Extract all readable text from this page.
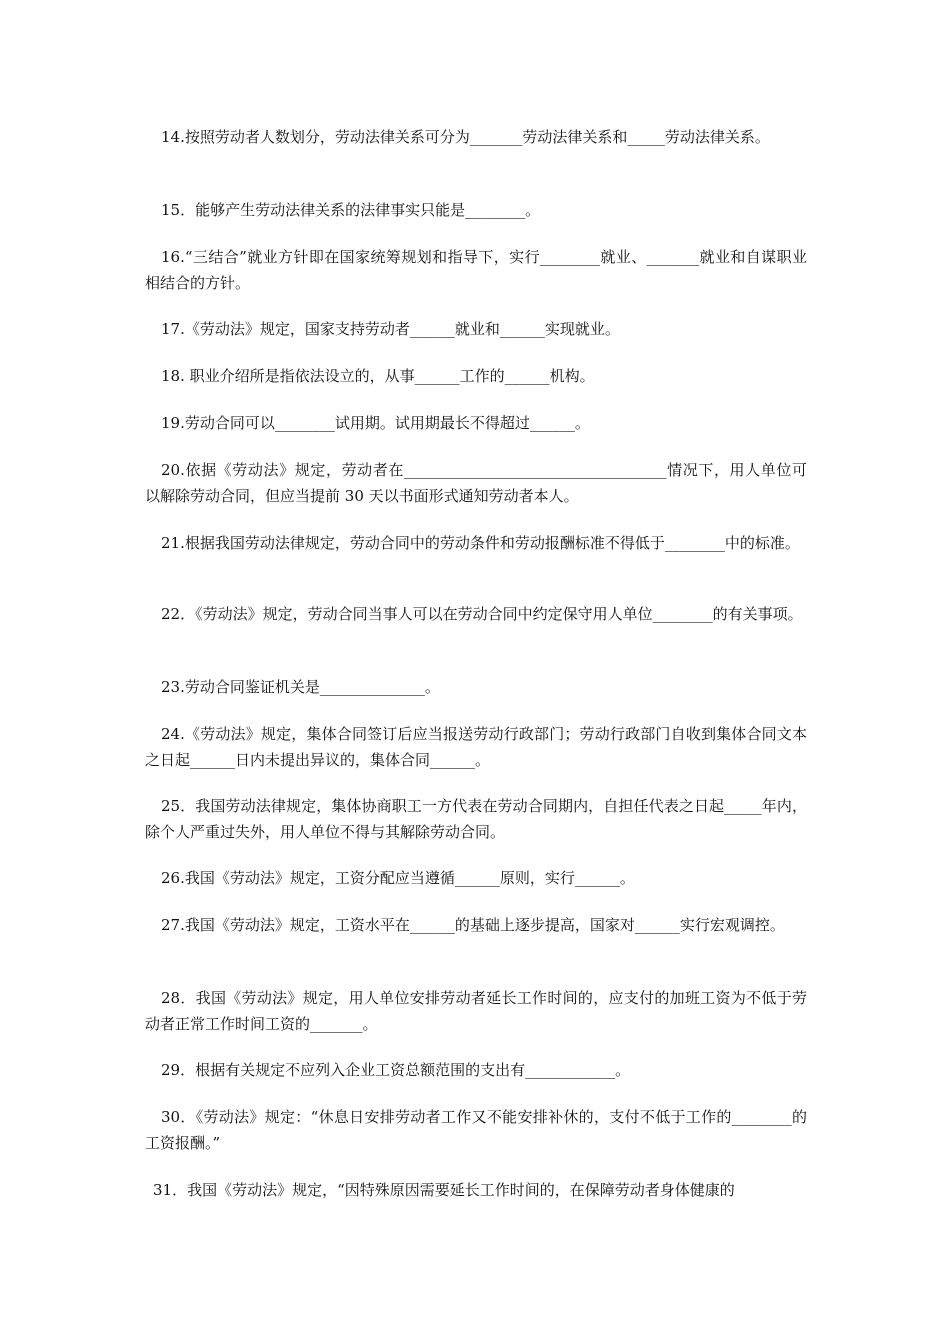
14.按照劳动者人数划分，劳动法律关系可分为_______劳动法律关系和_____劳动法律关系。

15．能够产生劳动法律关系的法律事实只能是________。

16.“三结合”就业方针即在国家统筹规划和指导下，实行________就业、_______就业和自谋职业相结合的方针。

17.《劳动法》规定，国家支持劳动者______就业和______实现就业。

18. 职业介绍所是指依法设立的，从事______工作的______机构。

19.劳动合同可以________试用期。试用期最长不得超过______。

20.依据《劳动法》规定，劳动者在___________________________________情况下，用人单位可以解除劳动合同，但应当提前 30 天以书面形式通知劳动者本人。

21.根据我国劳动法律规定，劳动合同中的劳动条件和劳动报酬标准不得低于________中的标准。

22．《劳动法》规定，劳动合同当事人可以在劳动合同中约定保守用人单位________的有关事项。

23.劳动合同鉴证机关是______________。

24.《劳动法》规定，集体合同签订后应当报送劳动行政部门；劳动行政部门自收到集体合同文本之日起______日内未提出异议的，集体合同______。

25．我国劳动法律规定，集体协商职工一方代表在劳动合同期内，自担任代表之日起_____年内，除个人严重过失外，用人单位不得与其解除劳动合同。

26.我国《劳动法》规定，工资分配应当遵循______原则，实行______。

27.我国《劳动法》规定，工资水平在______的基础上逐步提高，国家对______实行宏观调控。

28．我国《劳动法》规定，用人单位安排劳动者延长工作时间的，应支付的加班工资为不低于劳动者正常工作时间工资的_______。

29．根据有关规定不应列入企业工资总额范围的支出有____________。

30．《劳动法》规定：“休息日安排劳动者工作又不能安排补休的，支付不低于工作的________的工资报酬。”

31．我国《劳动法》规定，“因特殊原因需要延长工作时间的，在保障劳动者身体健康的
